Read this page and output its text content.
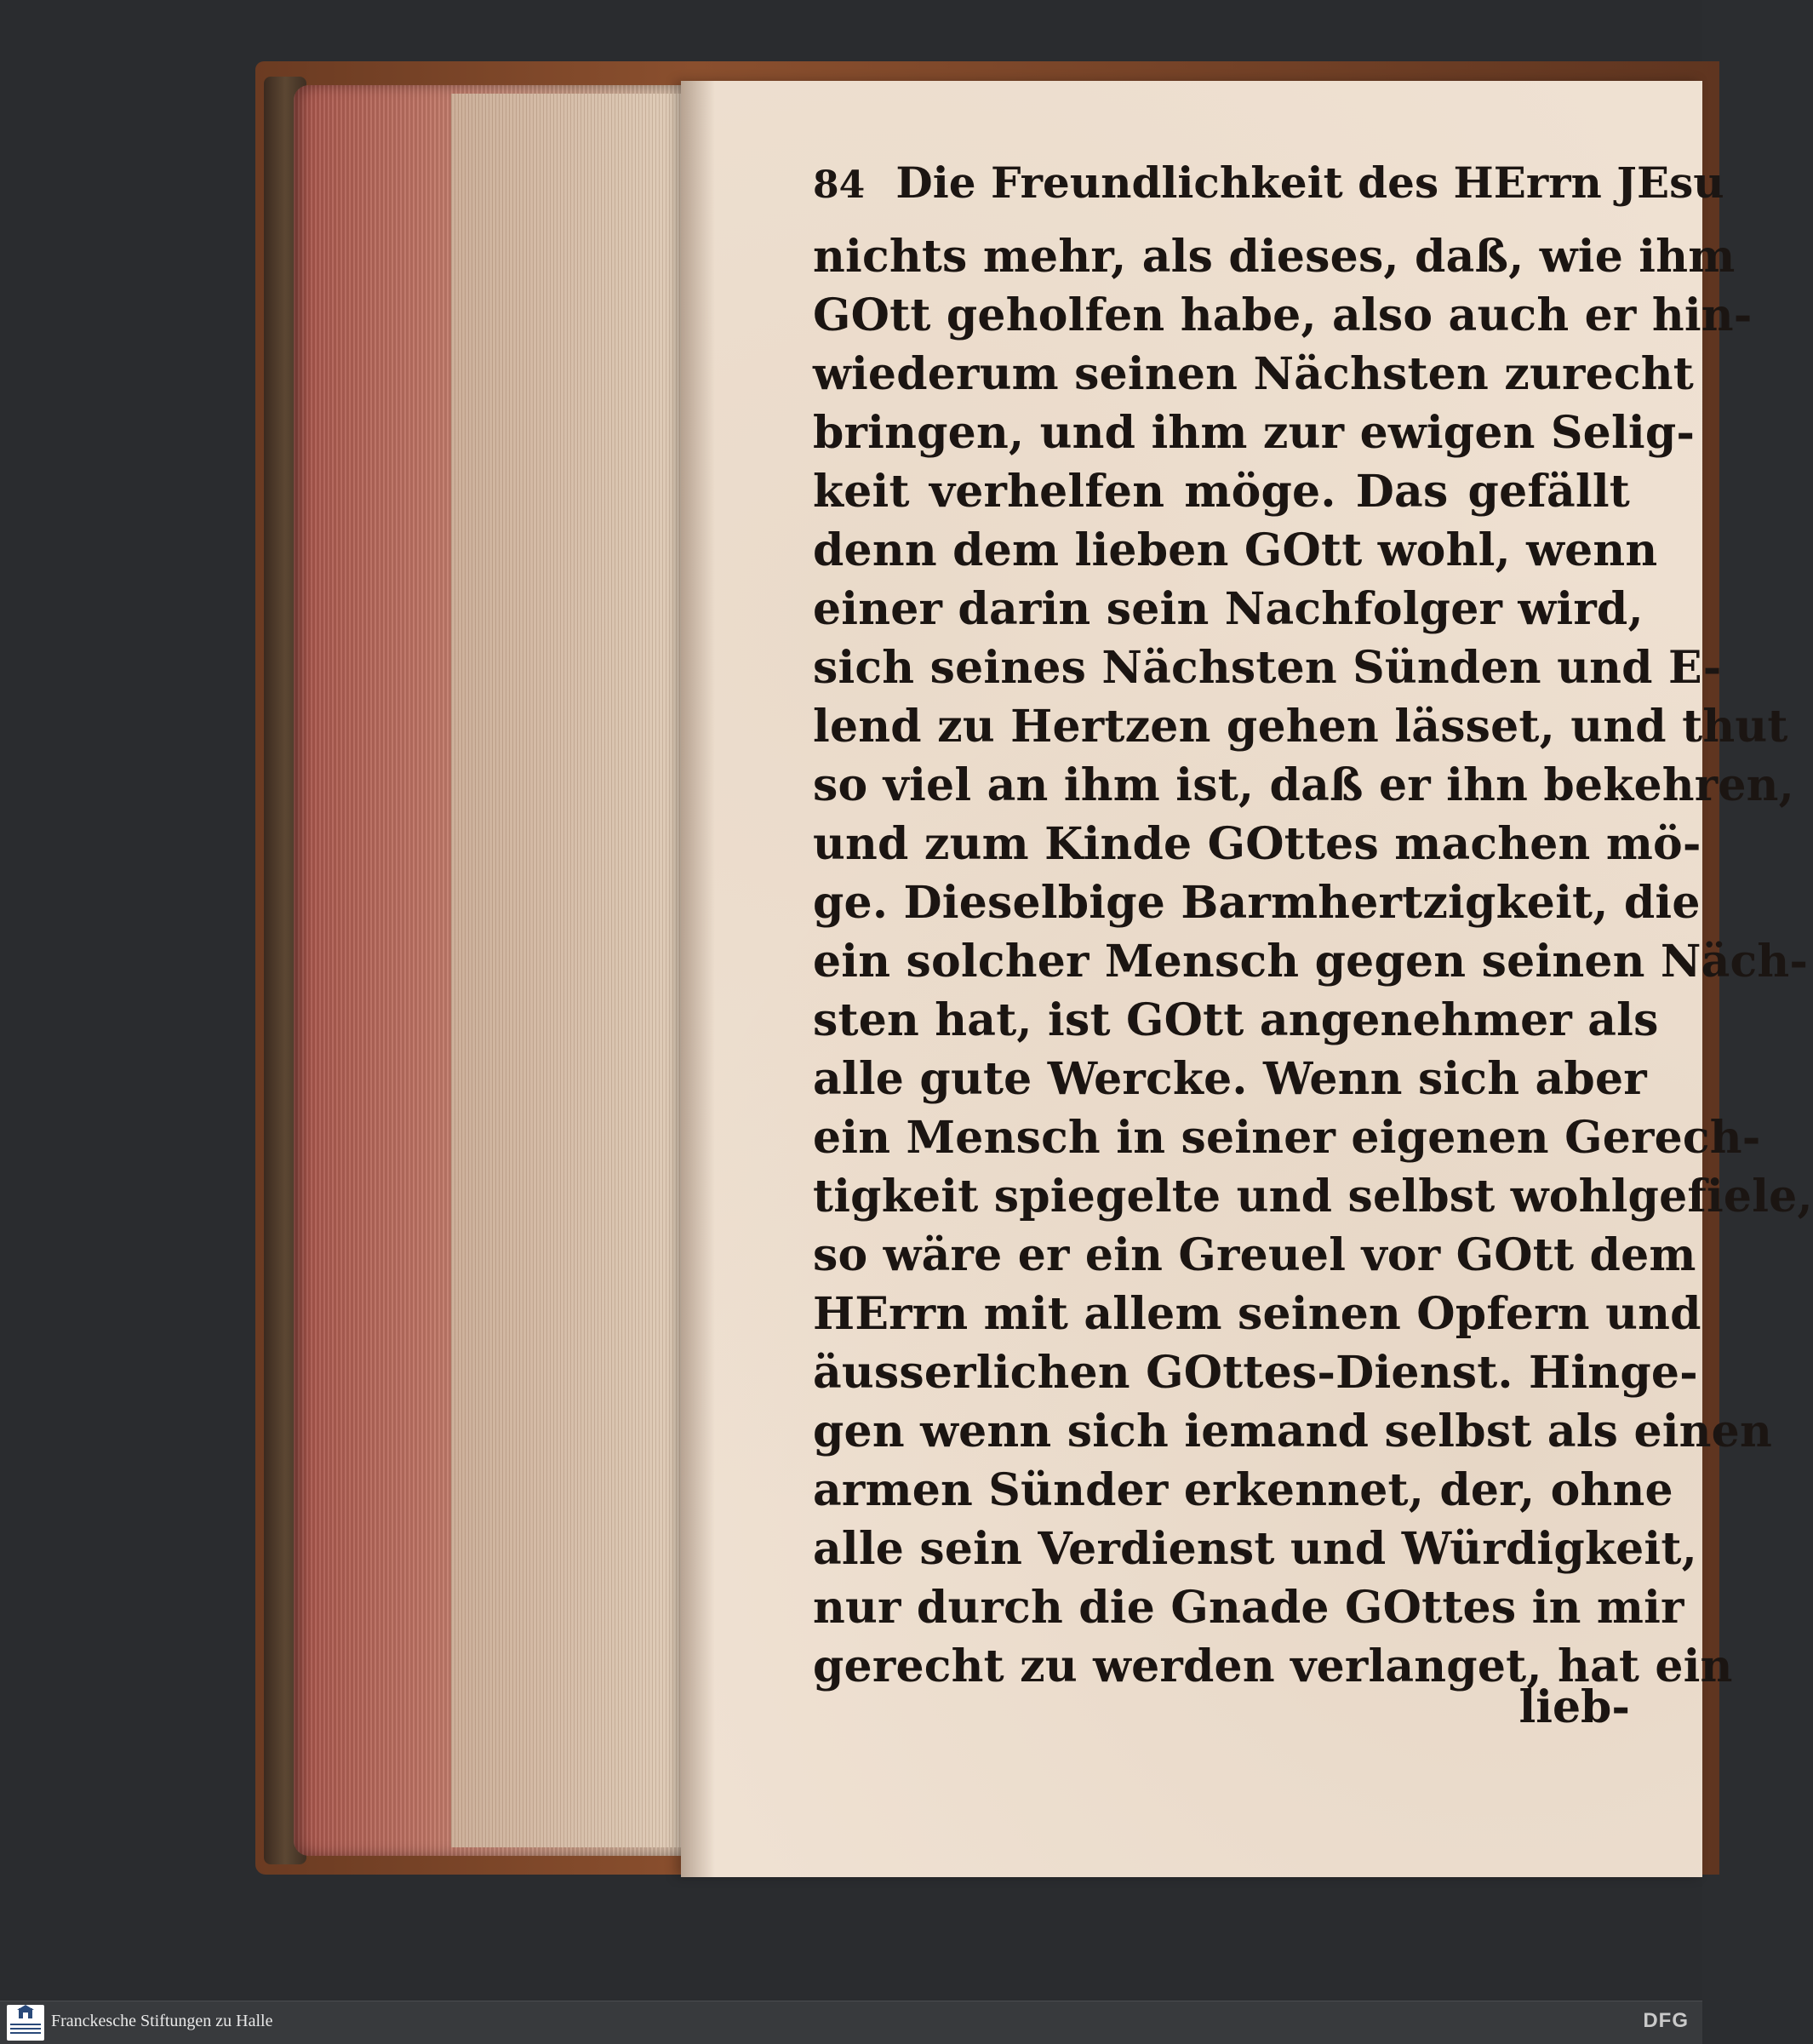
84 Die Freundlichkeit des HErrn JEsu
nichts mehr, als dieses, daß, wie ihm
GOtt geholfen habe, also auch er hin-
wiederum seinen Nächsten zurecht
bringen, und ihm zur ewigen Selig-
keit verhelfen möge. Das gefällt
denn dem lieben GOtt wohl, wenn
einer darin sein Nachfolger wird,
sich seines Nächsten Sünden und E-
lend zu Hertzen gehen lässet, und thut
so viel an ihm ist, daß er ihn bekehren,
und zum Kinde GOttes machen mö-
ge. Dieselbige Barmhertzigkeit, die
ein solcher Mensch gegen seinen Näch-
sten hat, ist GOtt angenehmer als
alle gute Wercke. Wenn sich aber
ein Mensch in seiner eigenen Gerech-
tigkeit spiegelte und selbst wohlgefiele,
so wäre er ein Greuel vor GOtt dem
HErrn mit allem seinen Opfern und
äusserlichen GOttes-Dienst. Hinge-
gen wenn sich iemand selbst als einen
armen Sünder erkennet, der, ohne
alle sein Verdienst und Würdigkeit,
nur durch die Gnade GOttes in mir
gerecht zu werden verlanget, hat ein
lieb-
Franckesche Stiftungen zu Halle	DFG
